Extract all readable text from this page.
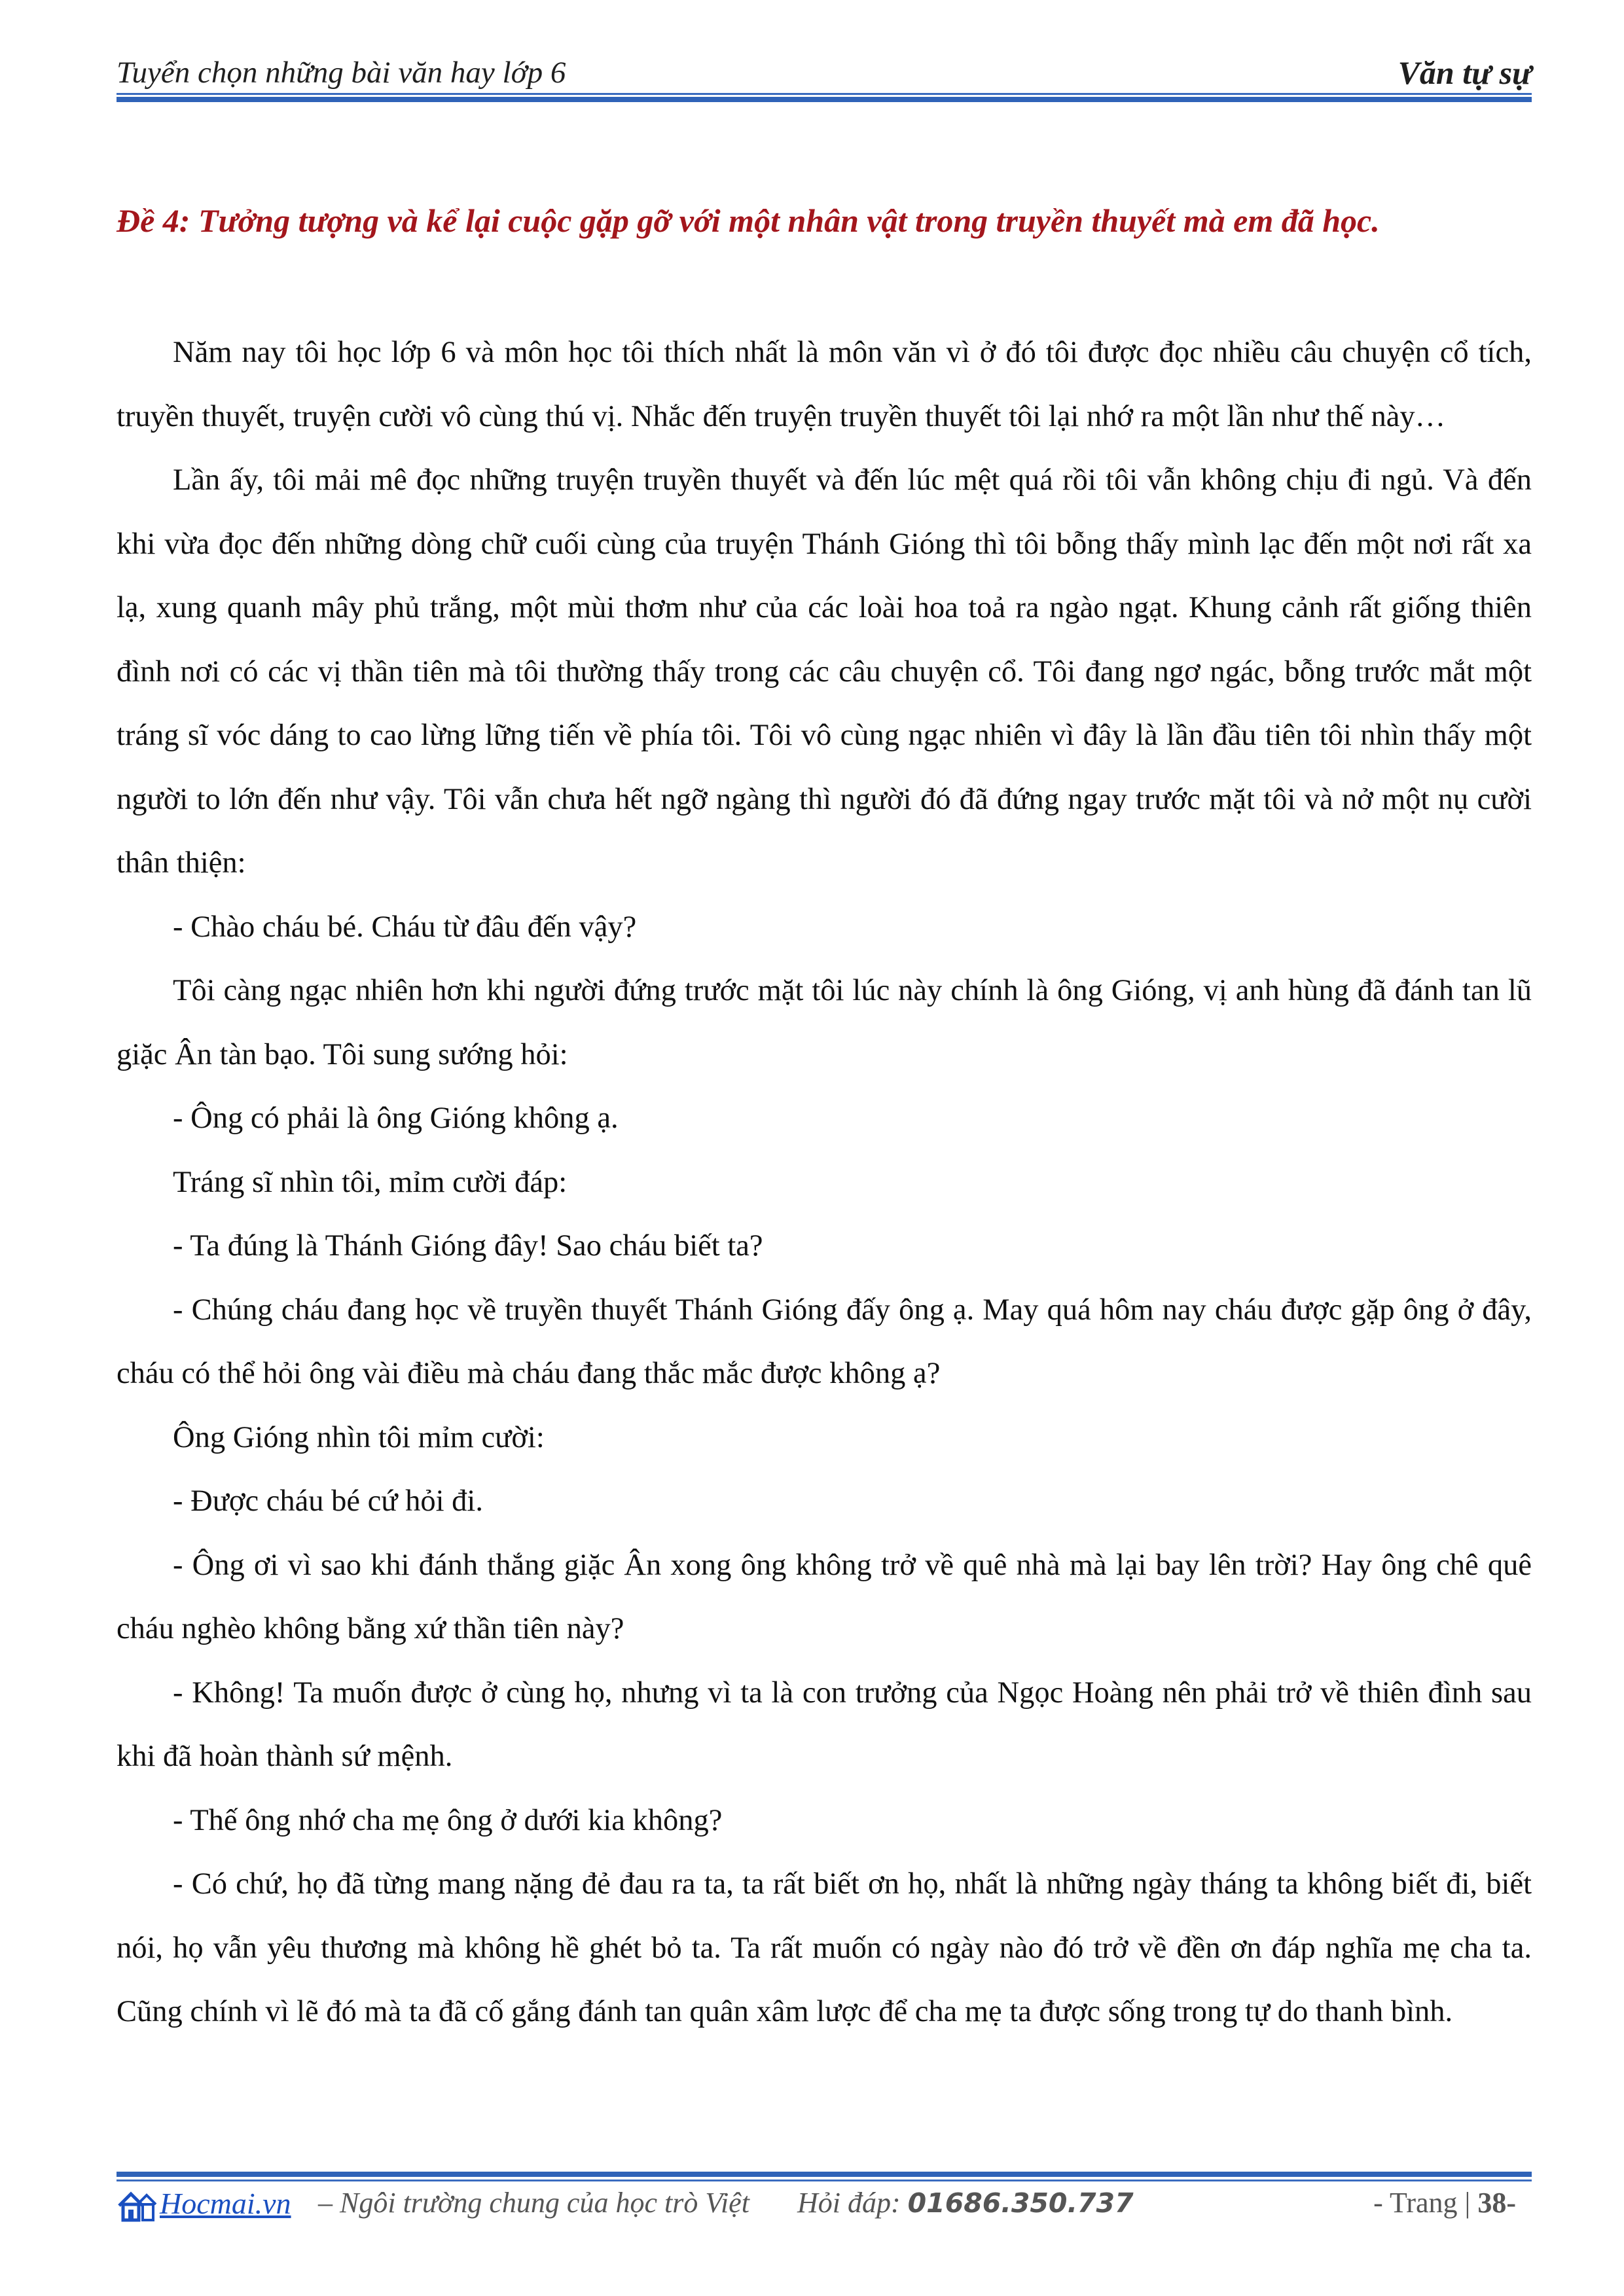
Tuyển chọn những bài văn hay lớp 6	Văn tự sự
Đề 4: Tưởng tượng và kể lại cuộc gặp gỡ với một nhân vật trong truyền thuyết mà em đã học.

Năm nay tôi học lớp 6 và môn học tôi thích nhất là môn văn vì ở đó tôi được đọc nhiều câu chuyện cổ tích, truyền thuyết, truyện cười vô cùng thú vị. Nhắc đến truyện truyền thuyết tôi lại nhớ ra một lần như thế này…

Lần ấy, tôi mải mê đọc những truyện truyền thuyết và đến lúc mệt quá rồi tôi vẫn không chịu đi ngủ. Và đến khi vừa đọc đến những dòng chữ cuối cùng của truyện Thánh Gióng thì tôi bỗng thấy mình lạc đến một nơi rất xa lạ, xung quanh mây phủ trắng, một mùi thơm như của các loài hoa toả ra ngào ngạt. Khung cảnh rất giống thiên đình nơi có các vị thần tiên mà tôi thường thấy trong các câu chuyện cổ. Tôi đang ngơ ngác, bỗng trước mắt một tráng sĩ vóc dáng to cao lừng lững tiến về phía tôi. Tôi vô cùng ngạc nhiên vì đây là lần đầu tiên tôi nhìn thấy một người to lớn đến như vậy. Tôi vẫn chưa hết ngỡ ngàng thì người đó đã đứng ngay trước mặt tôi và nở một nụ cười thân thiện:

- Chào cháu bé. Cháu từ đâu đến vậy?

Tôi càng ngạc nhiên hơn khi người đứng trước mặt tôi lúc này chính là ông Gióng, vị anh hùng đã đánh tan lũ giặc Ân tàn bạo. Tôi sung sướng hỏi:

- Ông có phải là ông Gióng không ạ.

Tráng sĩ nhìn tôi, mỉm cười đáp:

- Ta đúng là Thánh Gióng đây! Sao cháu biết ta?

- Chúng cháu đang học về truyền thuyết Thánh Gióng đấy ông ạ. May quá hôm nay cháu được gặp ông ở đây, cháu có thể hỏi ông vài điều mà cháu đang thắc mắc được không ạ?

Ông Gióng nhìn tôi mỉm cười:

- Được cháu bé cứ hỏi đi.

- Ông ơi vì sao khi đánh thắng giặc Ân xong ông không trở về quê nhà mà lại bay lên trời? Hay ông chê quê cháu nghèo không bằng xứ thần tiên này?

- Không! Ta muốn được ở cùng họ, nhưng vì ta là con trưởng của Ngọc Hoàng nên phải trở về thiên đình sau khi đã hoàn thành sứ mệnh.

- Thế ông nhớ cha mẹ ông ở dưới kia không?

- Có chứ, họ đã từng mang nặng đẻ đau ra ta, ta rất biết ơn họ, nhất là những ngày tháng ta không biết đi, biết nói, họ vẫn yêu thương mà không hề ghét bỏ ta. Ta rất muốn có ngày nào đó trở về đền ơn đáp nghĩa mẹ cha ta. Cũng chính vì lẽ đó mà ta đã cố gắng đánh tan quân xâm lược để cha mẹ ta được sống trong tự do thanh bình.

Hocmai.vn – Ngôi trường chung của học trò Việt Hỏi đáp: 01686.350.737	- Trang | 38-
